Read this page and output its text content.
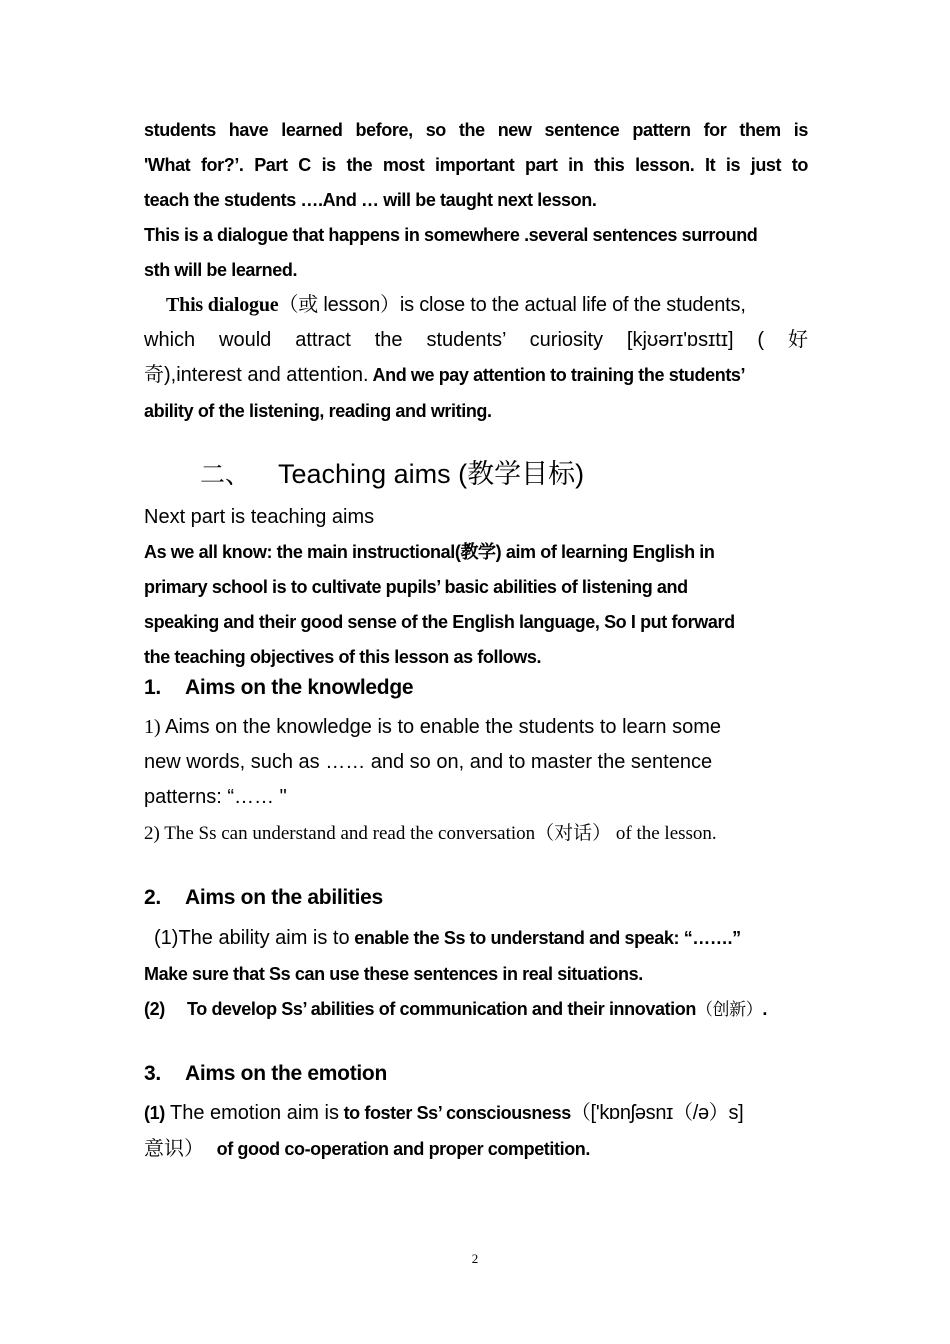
students have learned before, so the new sentence pattern for them is
'What for?’. Part C is the most important part in this lesson. It is just to
teach the students ….And … will be taught next lesson.
This is a dialogue that happens in somewhere .several sentences surround
sth will be learned.
This dialogue（或 lesson）is close to the actual life of the students,
which would attract the students’ curiosity [kjʊərɪ'ɒsɪtɪ] ( 好
奇),interest and attention. And we pay attention to training the students’
ability of the listening, reading and writing.
二、 Teaching aims (教学目标)
Next part is teaching aims
As we all know: the main instructional(教学) aim of learning English in
primary school is to cultivate pupils’ basic abilities of listening and
speaking and their good sense of the English language, So I put forward
the teaching objectives of this lesson as follows.
1. Aims on the knowledge
1) Aims on the knowledge is to enable the students to learn some
new words, such as …… and so on, and to master the sentence
patterns: “…… "
2) The Ss can understand and read the conversation（对话） of the lesson.
2. Aims on the abilities
(1)The ability aim is to enable the Ss to understand and speak: “…….”
Make sure that Ss can use these sentences in real situations.
(2) To develop Ss’ abilities of communication and their innovation（创新）.
3. Aims on the emotion
(1) The emotion aim is to foster Ss’ consciousness（['kɒnʃəsnɪ（/ə）s]
意识） of good co-operation and proper competition.
2
